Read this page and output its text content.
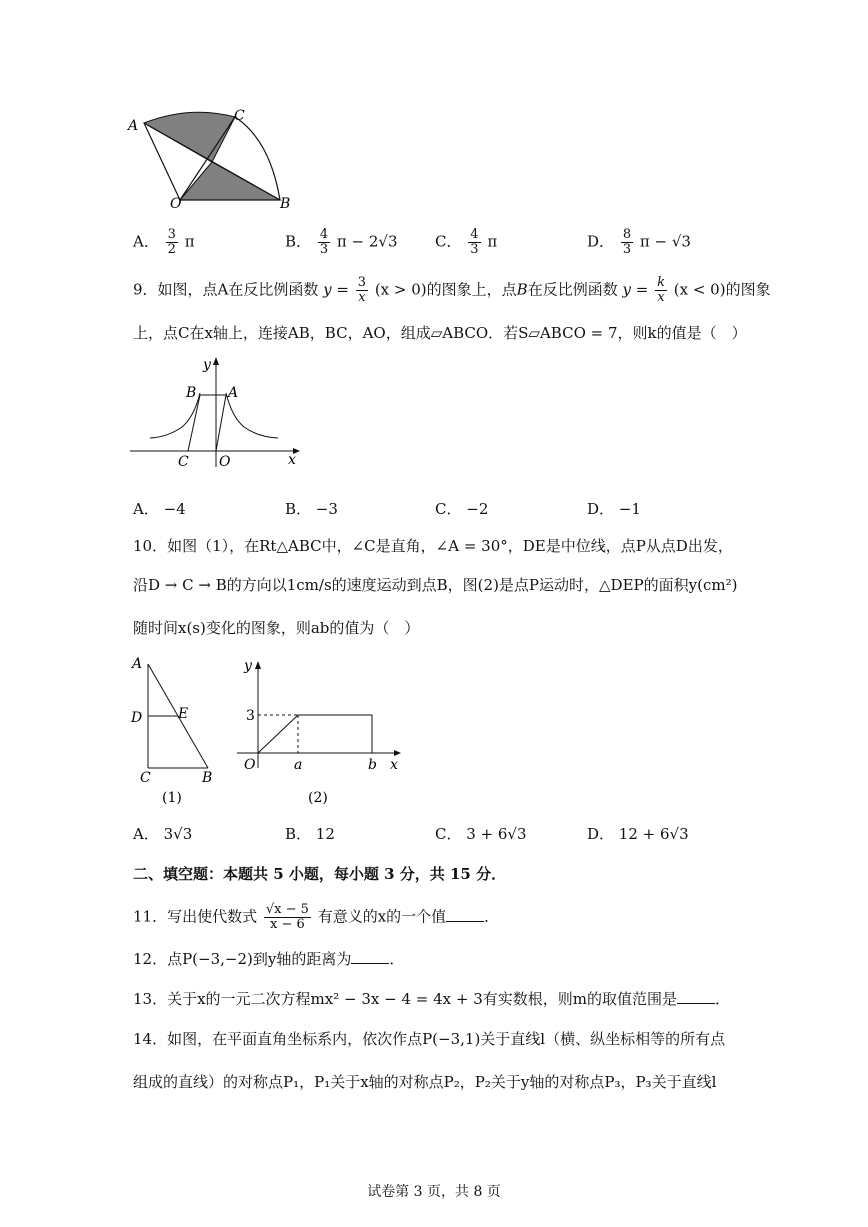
A
C
O	B
A． $\frac{3}{2}$ π	B． $\frac{4}{3}$ π − 2√3	C． $\frac{4}{3}$ π	D． $\frac{8}{3}$ π − √3
9．如图，点A在反比例函数 $y = \frac{3}{x} (x > 0)$的图象上，点B在反比例函数 $y = \frac{k}{x} (x < 0)$的图象
上，点C在x轴上，连接AB，BC，AO，组成▱ABCO．若S▱ABCO = 7，则k的值是（　）
y
B A
C O	x
A． −4	B． −3	C． −2	D． −1
10．如图（1），在Rt△ABC中，∠C是直角，∠A = 30°，DE是中位线，点P从点D出发，
沿D → C → B的方向以1cm/s的速度运动到点B，图(2)是点P运动时，△DEP的面积y(cm²)
随时间x(s)变化的图象，则ab的值为（　）
A
D	E
C	B
(1)
y
3
O	a	b x
(2)
A． 3√3	B． 12	C． 3 + 6√3	D． 12 + 6√3
二、填空题：本题共 5 小题，每小题 3 分，共 15 分．
11．写出使代数式 $\frac{√x - 5}{x - 6}$ 有意义的x的一个值	．
12．点P(−3,−2)到y轴的距离为	．
13．关于x的一元二次方程mx² − 3x − 4 = 4x + 3有实数根，则m的取值范围是	．
14．如图，在平面直角坐标系内，依次作点P(−3,1)关于直线l（横、纵坐标相等的所有点
组成的直线）的对称点P₁，P₁关于x轴的对称点P₂，P₂关于y轴的对称点P₃，P₃关于直线l
试卷第 3 页，共 8 页
